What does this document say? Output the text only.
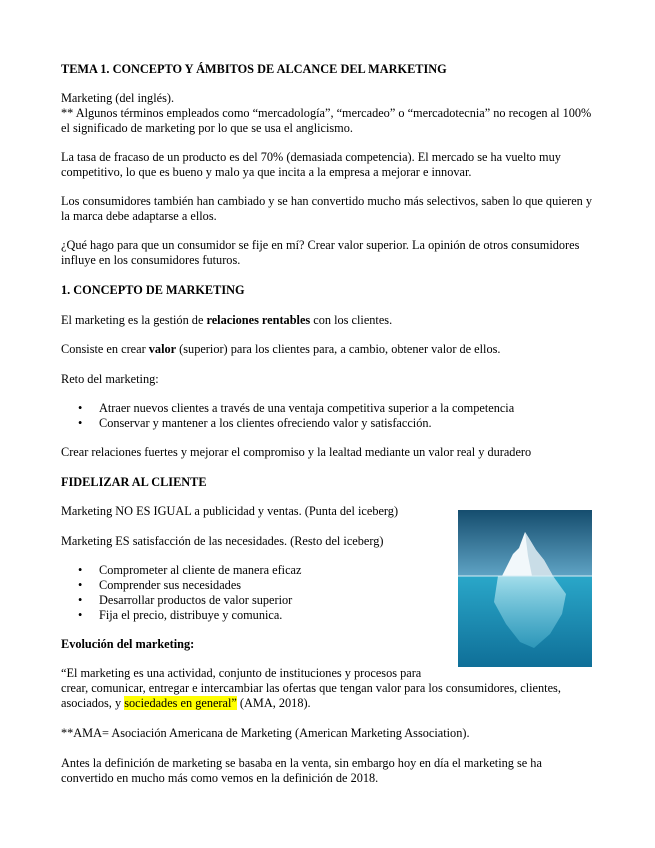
TEMA 1. CONCEPTO Y ÁMBITOS DE ALCANCE DEL MARKETING

Marketing (del inglés).

** Algunos términos empleados como “mercadología”, “mercadeo” o “mercadotecnia” no recogen al 100% el significado de marketing por lo que se usa el anglicismo.

La tasa de fracaso de un producto es del 70% (demasiada competencia). El mercado se ha vuelto muy competitivo, lo que es bueno y malo ya que incita a la empresa a mejorar e innovar.

Los consumidores también han cambiado y se han convertido mucho más selectivos, saben lo que quieren y la marca debe adaptarse a ellos.

¿Qué hago para que un consumidor se fije en mí? Crear valor superior. La opinión de otros consumidores influye en los consumidores futuros.

1. CONCEPTO DE MARKETING

El marketing es la gestión de relaciones rentables con los clientes.

Consiste en crear valor (superior) para los clientes para, a cambio, obtener valor de ellos.

Reto del marketing:

• Atraer nuevos clientes a través de una ventaja competitiva superior a la competencia
• Conservar y mantener a los clientes ofreciendo valor y satisfacción.

Crear relaciones fuertes y mejorar el compromiso y la lealtad mediante un valor real y duradero

FIDELIZAR AL CLIENTE

Marketing NO ES IGUAL a publicidad y ventas. (Punta del iceberg)

Marketing ES satisfacción de las necesidades. (Resto del iceberg)

• Comprometer al cliente de manera eficaz
• Comprender sus necesidades
• Desarrollar productos de valor superior
• Fija el precio, distribuye y comunica.
Evolución del marketing:

“El marketing es una actividad, conjunto de instituciones y procesos para

crear, comunicar, entregar e intercambiar las ofertas que tengan valor para los consumidores, clientes, asociados, y sociedades en general” (AMA, 2018).

**AMA= Asociación Americana de Marketing (American Marketing Association).

Antes la definición de marketing se basaba en la venta, sin embargo hoy en día el marketing se ha convertido en mucho más como vemos en la definición de 2018.
